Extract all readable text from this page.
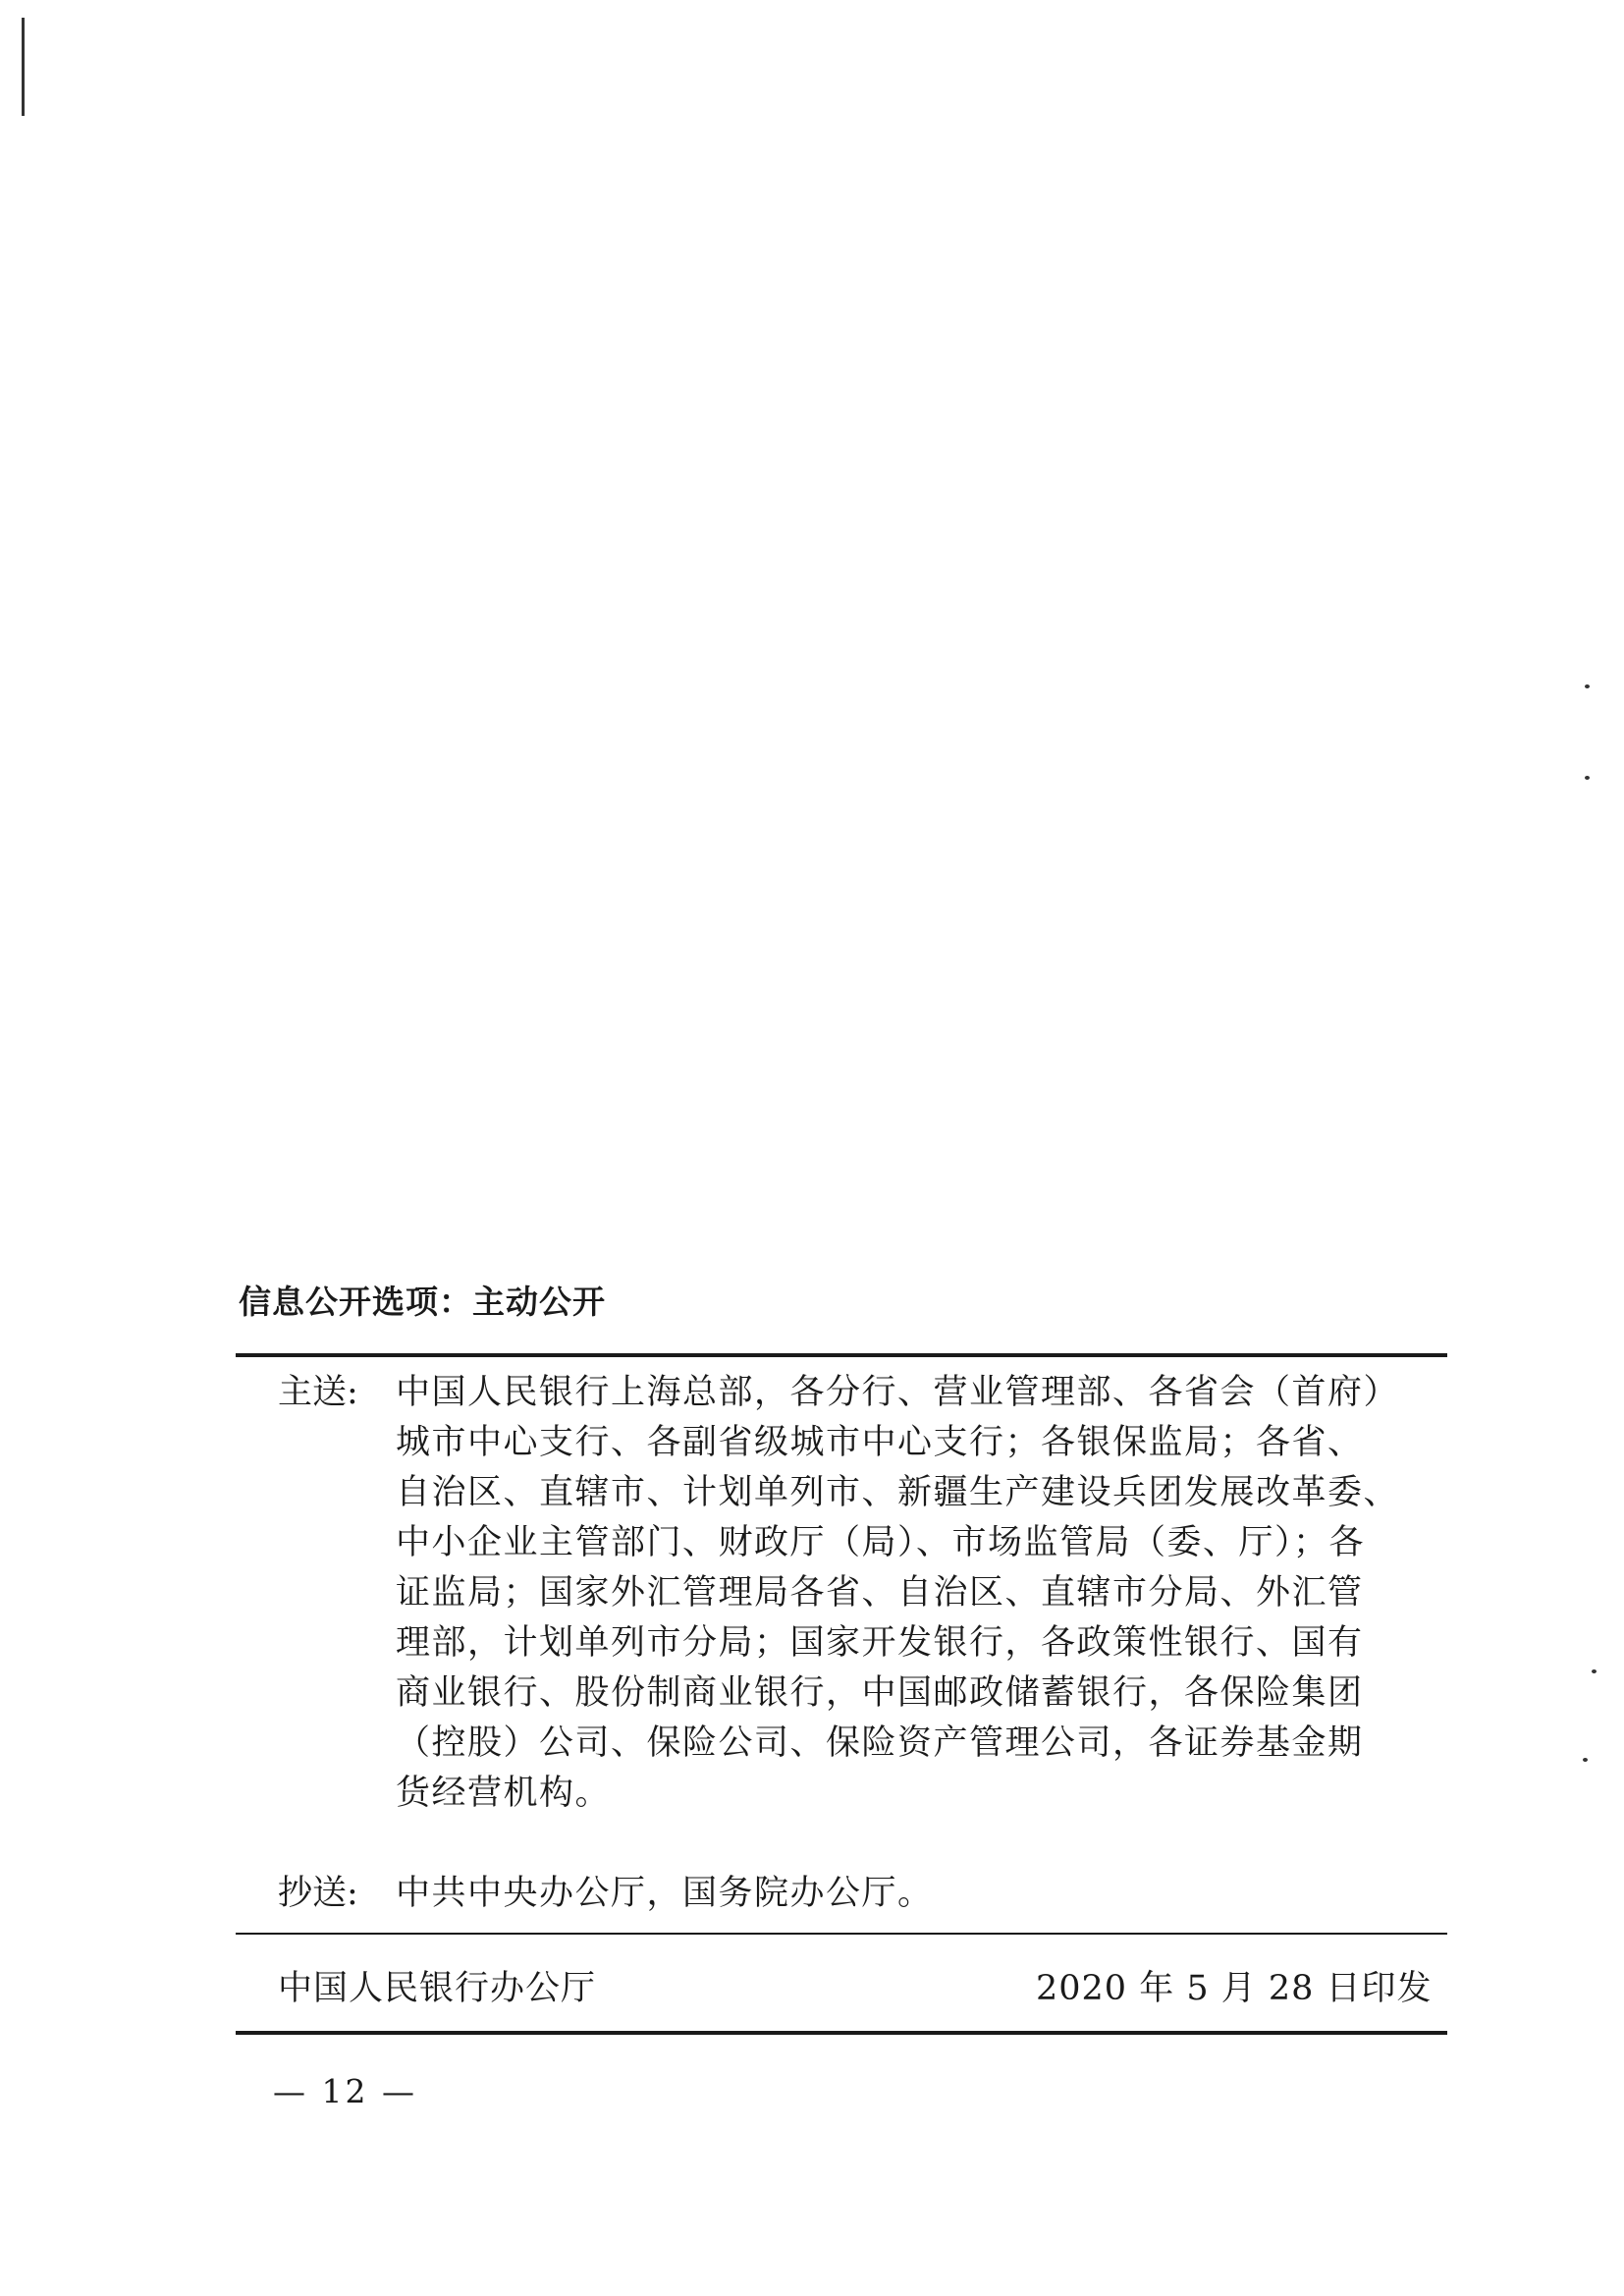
信息公开选项：主动公开
主送:	中国人民银行上海总部，各分行、营业管理部、各省会（首府）
城市中心支行、各副省级城市中心支行；各银保监局；各省、
自治区、直辖市、计划单列市、新疆生产建设兵团发展改革委、
中小企业主管部门、财政厅（局）、市场监管局（委、厅）；各
证监局；国家外汇管理局各省、自治区、直辖市分局、外汇管
理部，计划单列市分局；国家开发银行，各政策性银行、国有
商业银行、股份制商业银行，中国邮政储蓄银行，各保险集团
（控股）公司、保险公司、保险资产管理公司，各证券基金期
货经营机构。
抄送:	中共中央办公厅，国务院办公厅。
中国人民银行办公厅	2020 年 5 月 28 日印发
— 12 —
